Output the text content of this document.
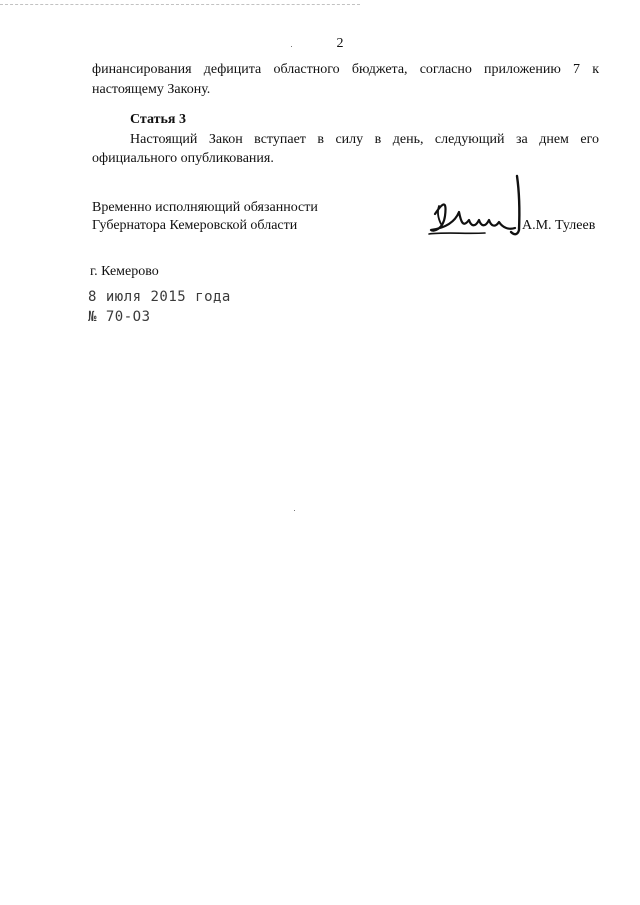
2
финансирования дефицита областного бюджета, согласно приложению 7 к
настоящему Закону.
Статья 3
Настоящий Закон вступает в силу в день, следующий за днем его
официального опубликования.
Временно исполняющий обязанности
Губернатора Кемеровской области	А.М. Тулеев
г. Кемерово
8 июля 2015 года
№ 70-ОЗ
